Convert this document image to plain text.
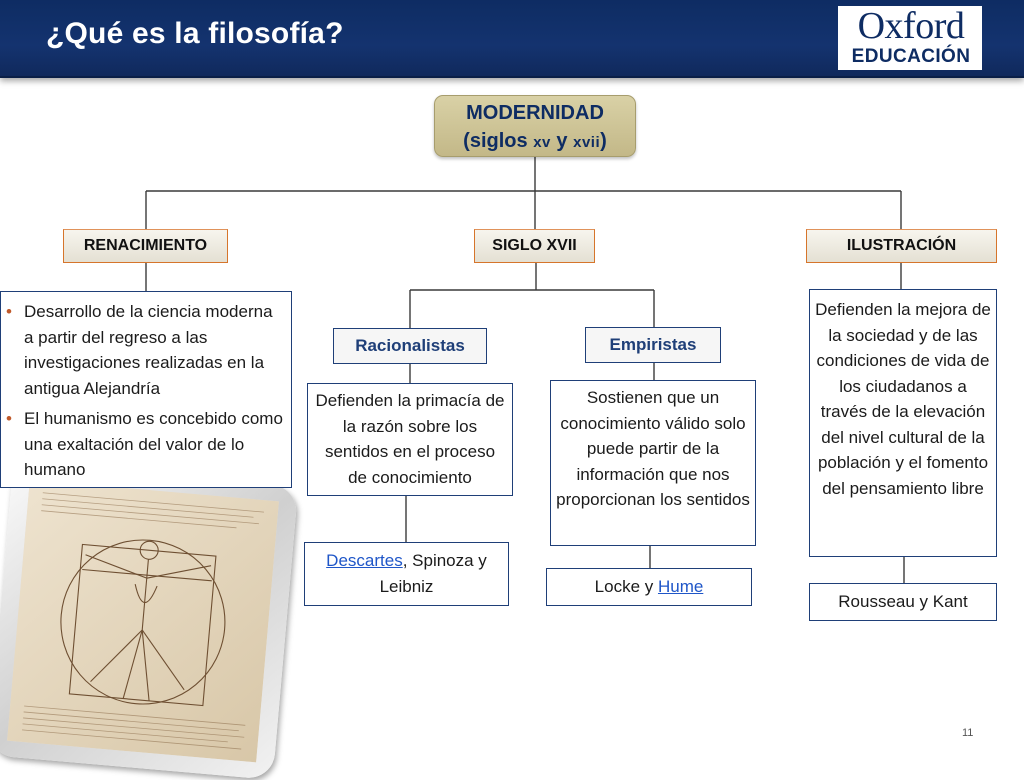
¿Qué es la filosofía?	Oxford
EDUCACIÓN
MODERNIDAD
(siglos xv y xvii)
RENACIMIENTO	SIGLO XVII	ILUSTRACIÓN
• Desarrollo de la ciencia moderna a partir del regreso a las investigaciones realizadas en la antigua Alejandría
• El humanismo es concebido como una exaltación del valor de lo humano
Racionalistas	Empiristas
Defienden la primacía de la razón sobre los sentidos en el proceso de conocimiento
Sostienen que un conocimiento válido solo puede partir de la información que nos proporcionan los sentidos
Descartes, Spinoza y Leibniz	Locke y Hume
Defienden la mejora de la sociedad y de las condiciones de vida de los ciudadanos a través de la elevación del nivel cultural de la población y el fomento del pensamiento libre
Rousseau y Kant
11
